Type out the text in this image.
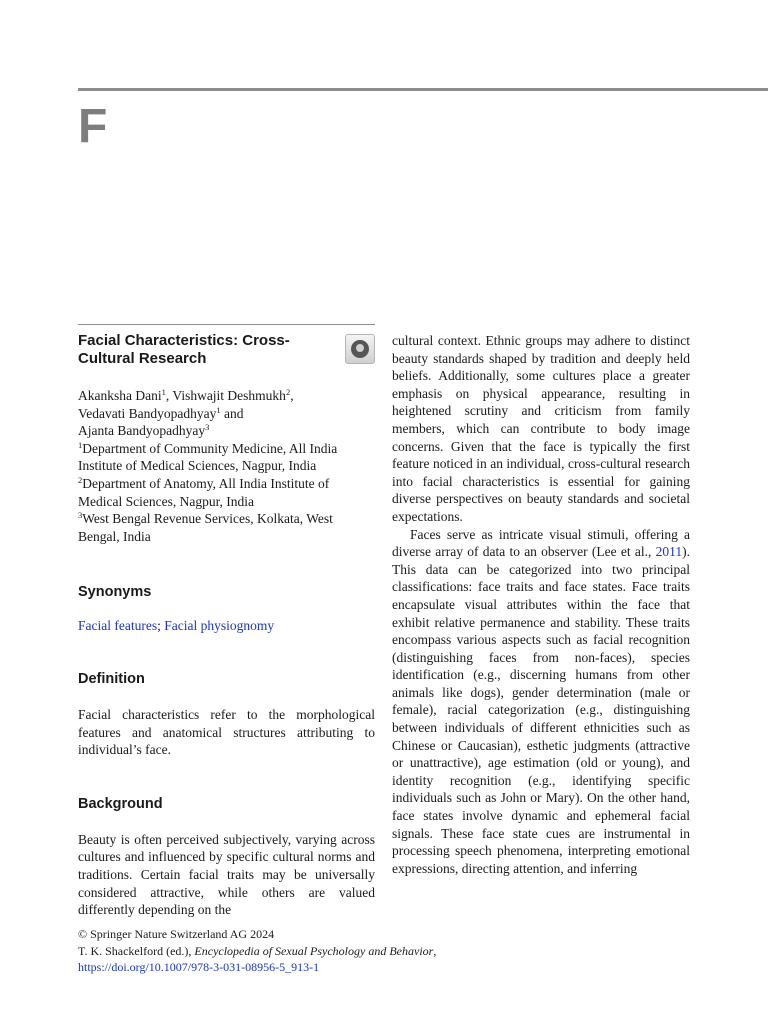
F
Facial Characteristics: Cross-Cultural Research

Akanksha Dani$^1$, Vishwajit Deshmukh$^2$,
Vedavati Bandyopadhyay$^1$ and
Ajanta Bandyopadhyay$^3$

$^1$Department of Community Medicine, All India Institute of Medical Sciences, Nagpur, India

$^2$Department of Anatomy, All India Institute of Medical Sciences, Nagpur, India

$^3$West Bengal Revenue Services, Kolkata, West Bengal, India

Synonyms

Facial features; Facial physiognomy

Definition

Facial characteristics refer to the morphological features and anatomical structures attributing to individual’s face.

Background

Beauty is often perceived subjectively, varying across cultures and influenced by specific cultural norms and traditions. Certain facial traits may be universally considered attractive, while others are valued differently depending on the

cultural context. Ethnic groups may adhere to distinct beauty standards shaped by tradition and deeply held beliefs. Additionally, some cultures place a greater emphasis on physical appearance, resulting in heightened scrutiny and criticism from family members, which can contribute to body image concerns. Given that the face is typically the first feature noticed in an individual, cross-cultural research into facial characteristics is essential for gaining diverse perspectives on beauty standards and societal expectations.

Faces serve as intricate visual stimuli, offering a diverse array of data to an observer (Lee et al., 2011). This data can be categorized into two principal classifications: face traits and face states. Face traits encapsulate visual attributes within the face that exhibit relative permanence and stability. These traits encompass various aspects such as facial recognition (distinguishing faces from non-faces), species identification (e.g., discerning humans from other animals like dogs), gender determination (male or female), racial categorization (e.g., distinguishing between individuals of different ethnicities such as Chinese or Caucasian), esthetic judgments (attractive or unattractive), age estimation (old or young), and identity recognition (e.g., identifying specific individuals such as John or Mary). On the other hand, face states involve dynamic and ephemeral facial signals. These face state cues are instrumental in processing speech phenomena, interpreting emotional expressions, directing attention, and inferring

© Springer Nature Switzerland AG 2024

T. K. Shackelford (ed.), Encyclopedia of Sexual Psychology and Behavior,

https://doi.org/10.1007/978-3-031-08956-5_913-1
